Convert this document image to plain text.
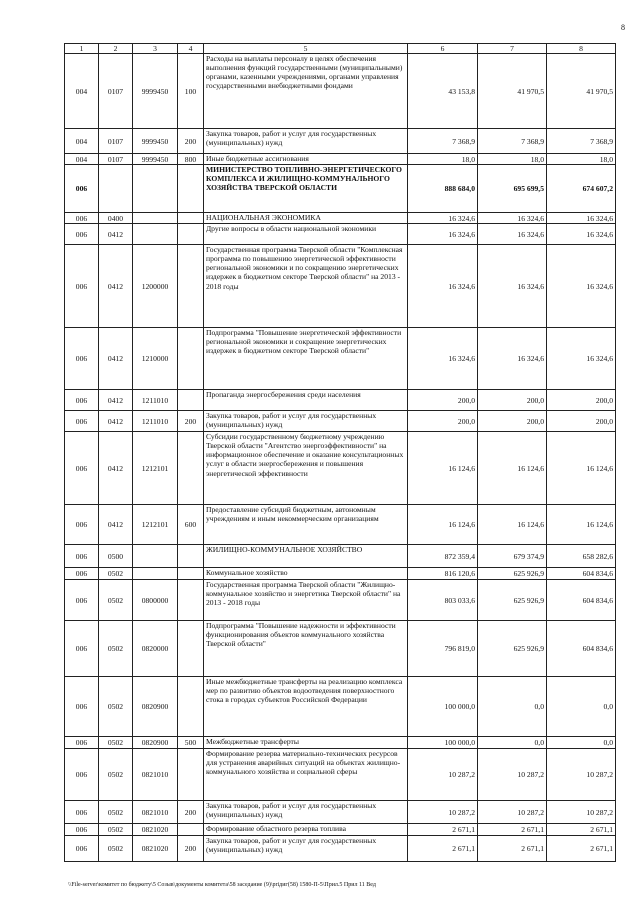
8
1	2	3	4	5	6	7	8
004	0107	9999450	100	Расходы на выплаты персоналу в целях обеспечения выполнения функций государственными (муниципальными) органами, казенными учреждениями, органами управления государственными внебюджетными фондами	43 153,8	41 970,5	41 970,5
004	0107	9999450	200	Закупка товаров, работ и услуг для государственных (муниципальных) нужд	7 368,9	7 368,9	7 368,9
004	0107	9999450	800	Иные бюджетные ассигнования	18,0	18,0	18,0
006				МИНИСТЕРСТВО ТОПЛИВНО-ЭНЕРГЕТИЧЕСКОГО КОМПЛЕКСА И ЖИЛИЩНО-КОММУНАЛЬНОГО ХОЗЯЙСТВА ТВЕРСКОЙ ОБЛАСТИ	888 684,0	695 699,5	674 607,2
006	0400			НАЦИОНАЛЬНАЯ ЭКОНОМИКА	16 324,6	16 324,6	16 324,6
006	0412			Другие вопросы в области национальной экономики	16 324,6	16 324,6	16 324,6
006	0412	1200000		Государственная программа Тверской области "Комплексная программа по повышению энергетической эффективности региональной экономики и по сокращению энергетических издержек в бюджетном секторе Тверской области" на 2013 - 2018 годы	16 324,6	16 324,6	16 324,6
006	0412	1210000		Подпрограмма "Повышение энергетической эффективности региональной экономики и сокращение энергетических издержек в бюджетном секторе Тверской области"	16 324,6	16 324,6	16 324,6
006	0412	1211010		Пропаганда энергосбережения среди населения	200,0	200,0	200,0
006	0412	1211010	200	Закупка товаров, работ и услуг для государственных (муниципальных) нужд	200,0	200,0	200,0
006	0412	1212101		Субсидии государственному бюджетному учреждению Тверской области "Агентство энергоэффективности" на информационное обеспечение и оказание консультационных услуг в области энергосбережения и повышения энергетической эффективности	16 124,6	16 124,6	16 124,6
006	0412	1212101	600	Предоставление субсидий бюджетным, автономным учреждениям и иным некоммерческим организациям	16 124,6	16 124,6	16 124,6
006	0500			ЖИЛИЩНО-КОММУНАЛЬНОЕ ХОЗЯЙСТВО	872 359,4	679 374,9	658 282,6
006	0502			Коммунальное хозяйство	816 120,6	625 926,9	604 834,6
006	0502	0800000		Государственная программа Тверской области "Жилищно-коммунальное хозяйство и энергетика Тверской области" на 2013 - 2018 годы	803 033,6	625 926,9	604 834,6
006	0502	0820000		Подпрограмма "Повышение надежности и эффективности функционирования объектов коммунального хозяйства Тверской области"	796 819,0	625 926,9	604 834,6
006	0502	0820900		Иные межбюджетные трансферты на реализацию комплекса мер по развитию объектов водоотведения поверхностного стока в городах субъектов Российской Федерации	100 000,0	0,0	0,0
006	0502	0820900	500	Межбюджетные трансферты	100 000,0	0,0	0,0
006	0502	0821010		Формирование резерва материально-технических ресурсов для устранения аварийных ситуаций на объектах жилищно-коммунального хозяйства и социальной сферы	10 287,2	10 287,2	10 287,2
006	0502	0821010	200	Закупка товаров, работ и услуг для государственных (муниципальных) нужд	10 287,2	10 287,2	10 287,2
006	0502	0821020		Формирование областного резерва топлива	2 671,1	2 671,1	2 671,1
006	0502	0821020	200	Закупка товаров, работ и услуг для государственных (муниципальных) нужд	2 671,1	2 671,1	2 671,1
\\File-server\комитет по бюджету\5 Созыв\документы комитета\58 заседание (9)\priдиг(58) 1580-П-5\Прил.5 Прил 11 Вед
